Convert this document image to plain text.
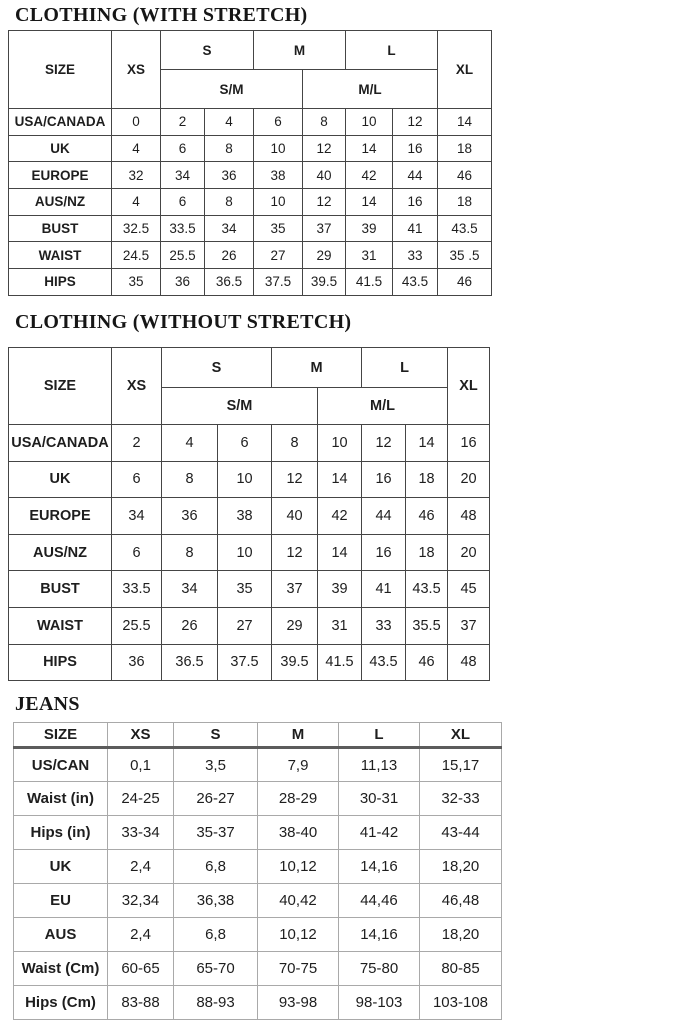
CLOTHING (WITH STRETCH)
SIZE	XS	S		M		L		XL
		S/M			M/L			
USA/CANADA	0	2	4	6	8	10	12	14
UK	4	6	8	10	12	14	16	18
EUROPE	32	34	36	38	40	42	44	46
AUS/NZ	4	6	8	10	12	14	16	18
BUST	32.5	33.5	34	35	37	39	41	43.5
WAIST	24.5	25.5	26	27	29	31	33	35 .5
HIPS	35	36	36.5	37.5	39.5	41.5	43.5	46
CLOTHING (WITHOUT STRETCH)
SIZE	XS	S		M		L		XL
		S/M			M/L			
USA/CANADA	2	4	6	8	10	12	14	16
UK	6	8	10	12	14	16	18	20
EUROPE	34	36	38	40	42	44	46	48
AUS/NZ	6	8	10	12	14	16	18	20
BUST	33.5	34	35	37	39	41	43.5	45
WAIST	25.5	26	27	29	31	33	35.5	37
HIPS	36	36.5	37.5	39.5	41.5	43.5	46	48
JEANS
SIZE	XS	S	M	L	XL
US/CAN	0,1	3,5	7,9	11,13	15,17
Waist (in)	24-25	26-27	28-29	30-31	32-33
Hips (in)	33-34	35-37	38-40	41-42	43-44
UK	2,4	6,8	10,12	14,16	18,20
EU	32,34	36,38	40,42	44,46	46,48
AUS	2,4	6,8	10,12	14,16	18,20
Waist (Cm)	60-65	65-70	70-75	75-80	80-85
Hips (Cm)	83-88	88-93	93-98	98-103	103-108
